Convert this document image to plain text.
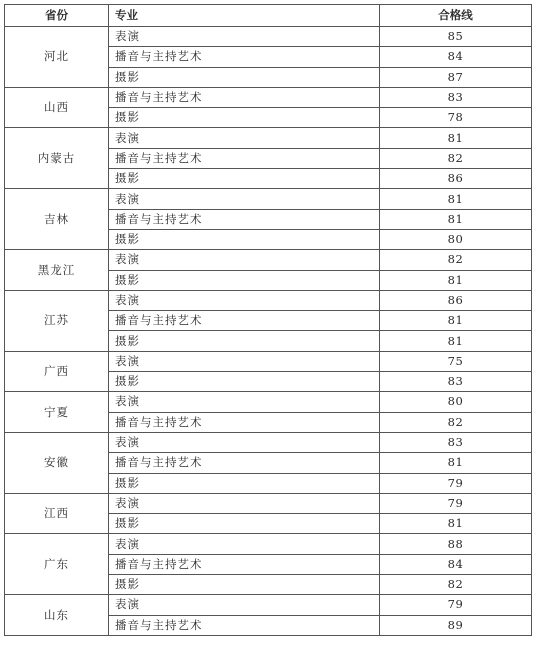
省份	专业	合格线
河北	表演	85
	播音与主持艺术	84
	摄影	87
山西	播音与主持艺术	83
	摄影	78
内蒙古	表演	81
	播音与主持艺术	82
	摄影	86
吉林	表演	81
	播音与主持艺术	81
	摄影	80
黑龙江	表演	82
	摄影	81
江苏	表演	86
	播音与主持艺术	81
	摄影	81
广西	表演	75
	摄影	83
宁夏	表演	80
	播音与主持艺术	82
安徽	表演	83
	播音与主持艺术	81
	摄影	79
江西	表演	79
	摄影	81
广东	表演	88
	播音与主持艺术	84
	摄影	82
山东	表演	79
	播音与主持艺术	89
